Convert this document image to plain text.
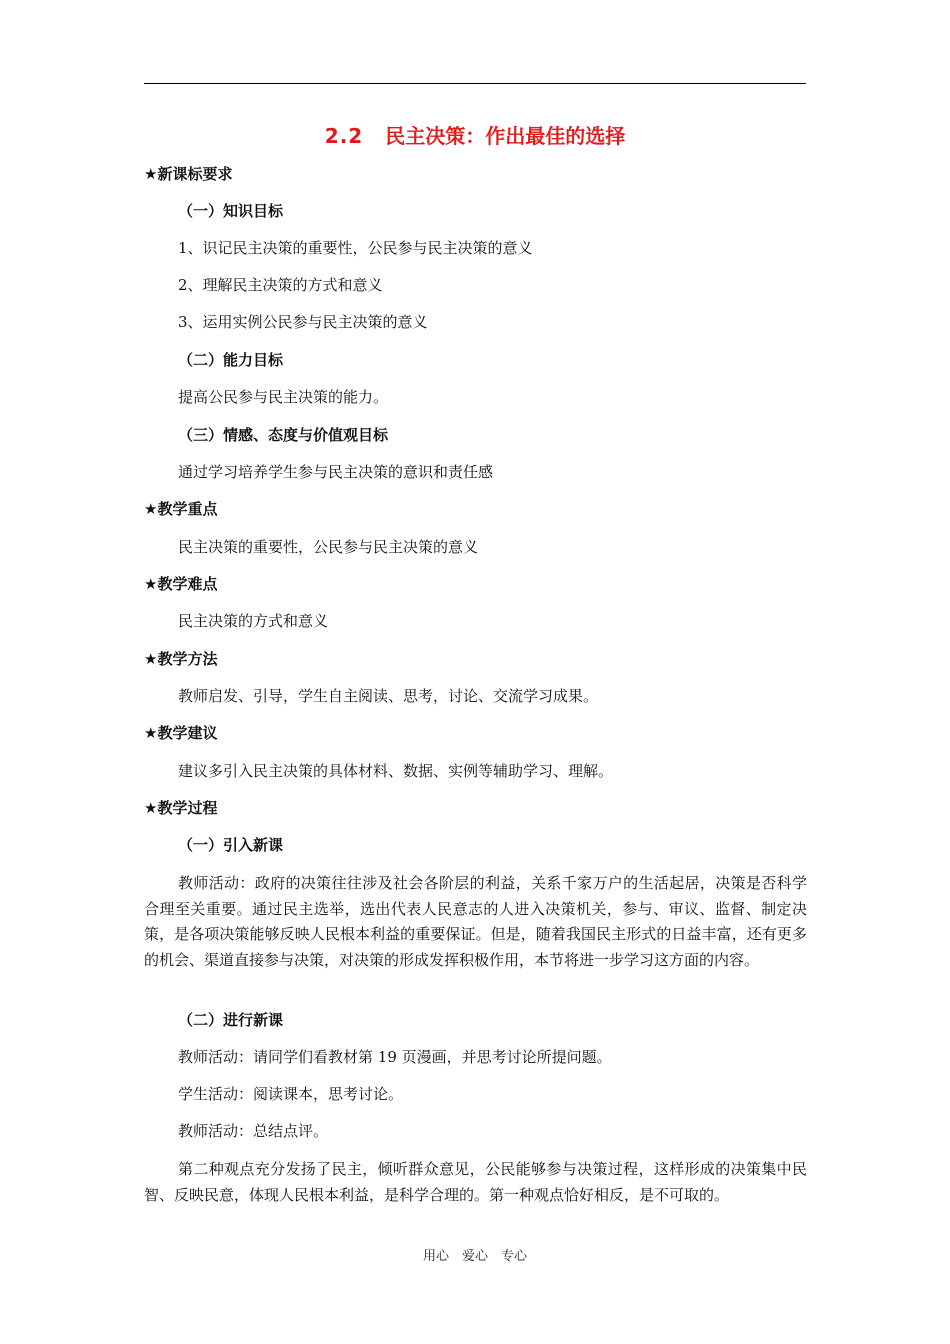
2.2 民主决策：作出最佳的选择
★新课标要求
（一）知识目标
1、识记民主决策的重要性，公民参与民主决策的意义
2、理解民主决策的方式和意义
3、运用实例公民参与民主决策的意义
（二）能力目标
提高公民参与民主决策的能力。
（三）情感、态度与价值观目标
通过学习培养学生参与民主决策的意识和责任感
★教学重点
民主决策的重要性，公民参与民主决策的意义
★教学难点
民主决策的方式和意义
★教学方法
教师启发、引导，学生自主阅读、思考，讨论、交流学习成果。
★教学建议
建议多引入民主决策的具体材料、数据、实例等辅助学习、理解。
★教学过程
（一）引入新课
教师活动：政府的决策往往涉及社会各阶层的利益，关系千家万户的生活起居，决策是否科学合理至关重要。通过民主选举，选出代表人民意志的人进入决策机关，参与、审议、监督、制定决策，是各项决策能够反映人民根本利益的重要保证。但是，随着我国民主形式的日益丰富，还有更多的机会、渠道直接参与决策，对决策的形成发挥积极作用，本节将进一步学习这方面的内容。
（二）进行新课
教师活动：请同学们看教材第 19 页漫画，并思考讨论所提问题。
学生活动：阅读课本，思考讨论。
教师活动：总结点评。
第二种观点充分发扬了民主，倾听群众意见，公民能够参与决策过程，这样形成的决策集中民智、反映民意，体现人民根本利益，是科学合理的。第一种观点恰好相反，是不可取的。
用心　爱心　专心
